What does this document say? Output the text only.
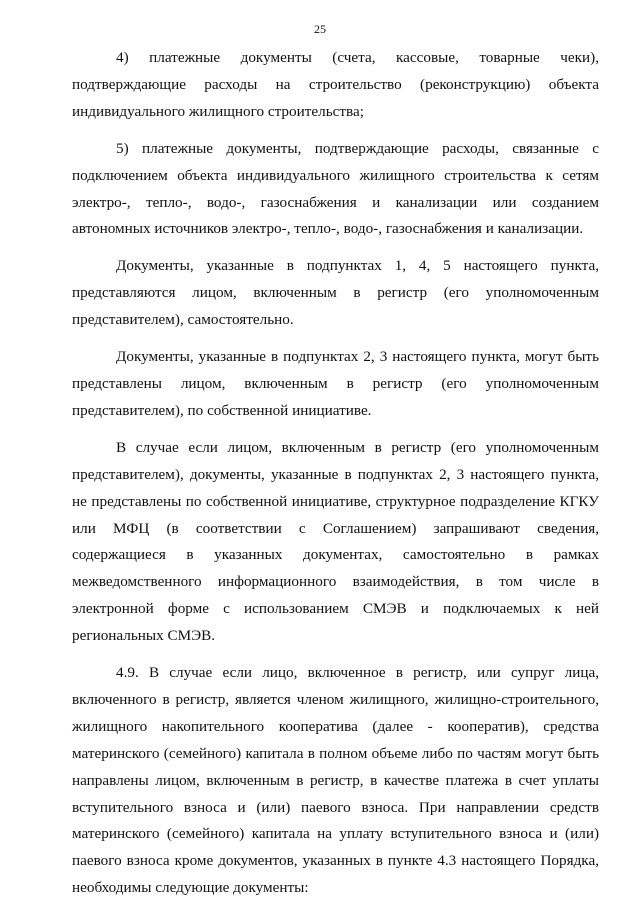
25

4) платежные документы (счета, кассовые, товарные чеки), подтверждающие расходы на строительство (реконструкцию) объекта индивидуального жилищного строительства;

5) платежные документы, подтверждающие расходы, связанные с подключением объекта индивидуального жилищного строительства к сетям электро-, тепло-, водо-, газоснабжения и канализации или созданием автономных источников электро-, тепло-, водо-, газоснабжения и канализации.

Документы, указанные в подпунктах 1, 4, 5 настоящего пункта, представляются лицом, включенным в регистр (его уполномоченным представителем), самостоятельно.

Документы, указанные в подпунктах 2, 3 настоящего пункта, могут быть представлены лицом, включенным в регистр (его уполномоченным представителем), по собственной инициативе.

В случае если лицом, включенным в регистр (его уполномоченным представителем), документы, указанные в подпунктах 2, 3 настоящего пункта, не представлены по собственной инициативе, структурное подразделение КГКУ или МФЦ (в соответствии с Соглашением) запрашивают сведения, содержащиеся в указанных документах, самостоятельно в рамках межведомственного информационного взаимодействия, в том числе в электронной форме с использованием СМЭВ и подключаемых к ней региональных СМЭВ.

4.9. В случае если лицо, включенное в регистр, или супруг лица, включенного в регистр, является членом жилищного, жилищно-строительного, жилищного накопительного кооператива (далее - кооператив), средства материнского (семейного) капитала в полном объеме либо по частям могут быть направлены лицом, включенным в регистр, в качестве платежа в счет уплаты вступительного взноса и (или) паевого взноса. При направлении средств материнского (семейного) капитала на уплату вступительного взноса и (или) паевого взноса кроме документов, указанных в пункте 4.3 настоящего Порядка, необходимы следующие документы:
